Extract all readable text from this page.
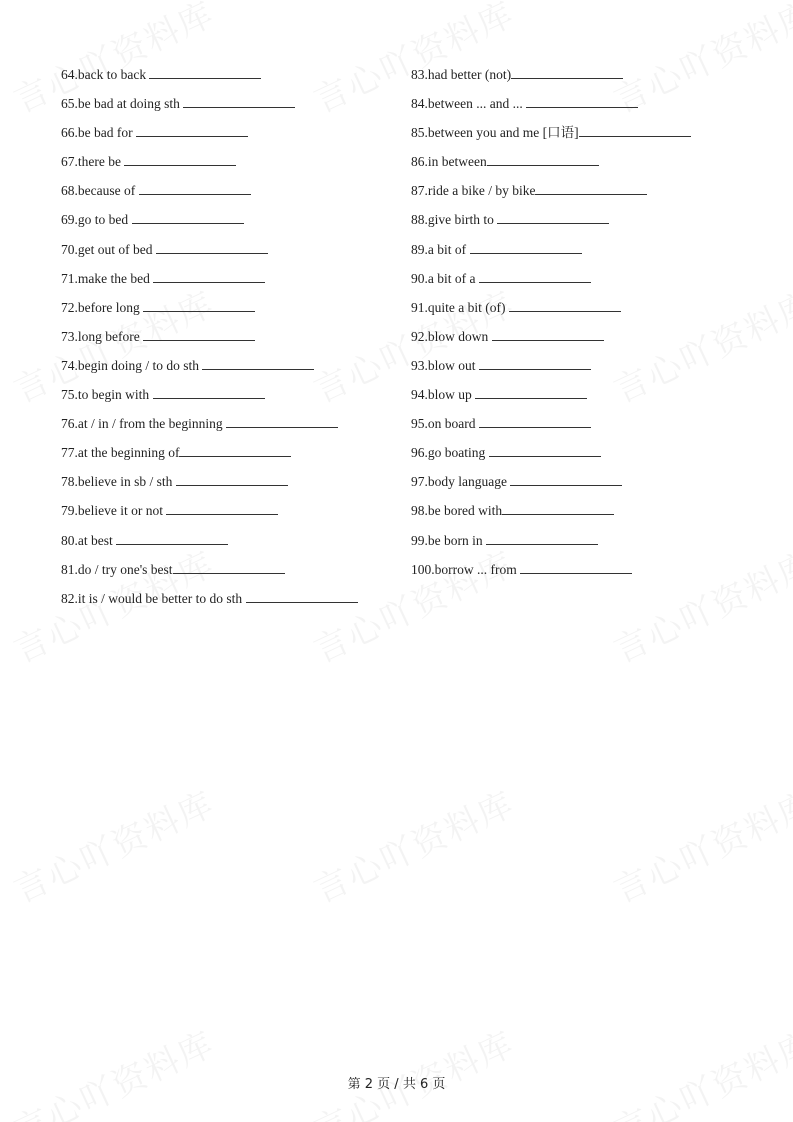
64.back to back
65.be bad at doing sth
66.be bad for
67.there be
68.because of
69.go to bed
70.get out of bed
71.make the bed
72.before long
73.long before
74.begin doing / to do sth
75.to begin with
76.at / in / from the beginning
77.at the beginning of
78.believe in sb / sth
79.believe it or not
80.at best
81.do / try one's best
82.it is / would be better to do sth
83.had better (not)
84.between ... and ...
85.between you and me [口语]
86.in between
87.ride a bike / by bike
88.give birth to
89.a bit of
90.a bit of a
91.quite a bit (of)
92.blow down
93.blow out
94.blow up
95.on board
96.go boating
97.body language
98.be bored with
99.be born in
100.borrow ... from
第 2 页 / 共 6 页
